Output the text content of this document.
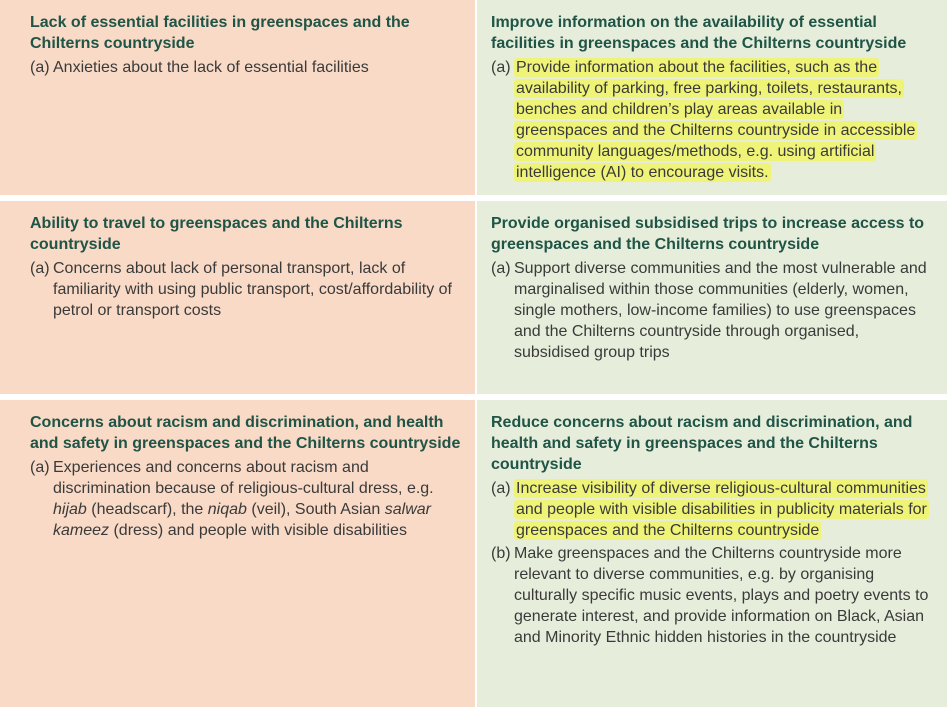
Lack of essential facilities in greenspaces and the Chilterns countryside
(a) Anxieties about the lack of essential facilities
Improve information on the availability of essential facilities in greenspaces and the Chilterns countryside
(a) Provide information about the facilities, such as the availability of parking, free parking, toilets, restaurants, benches and children’s play areas available in greenspaces and the Chilterns countryside in accessible community languages/methods, e.g. using artificial intelligence (AI) to encourage visits.
Ability to travel to greenspaces and the Chilterns countryside
(a) Concerns about lack of personal transport, lack of familiarity with using public transport, cost/affordability of petrol or transport costs
Provide organised subsidised trips to increase access to greenspaces and the Chilterns countryside
(a) Support diverse communities and the most vulnerable and marginalised within those communities (elderly, women, single mothers, low-income families) to use greenspaces and the Chilterns countryside through organised, subsidised group trips
Concerns about racism and discrimination, and health and safety in greenspaces and the Chilterns countryside
(a) Experiences and concerns about racism and discrimination because of religious-cultural dress, e.g. hijab (headscarf), the niqab (veil), South Asian salwar kameez (dress) and people with visible disabilities
Reduce concerns about racism and discrimination, and health and safety in greenspaces and the Chilterns countryside
(a) Increase visibility of diverse religious-cultural communities and people with visible disabilities in publicity materials for greenspaces and the Chilterns countryside
(b) Make greenspaces and the Chilterns countryside more relevant to diverse communities, e.g. by organising culturally specific music events, plays and poetry events to generate interest, and provide information on Black, Asian and Minority Ethnic hidden histories in the countryside
